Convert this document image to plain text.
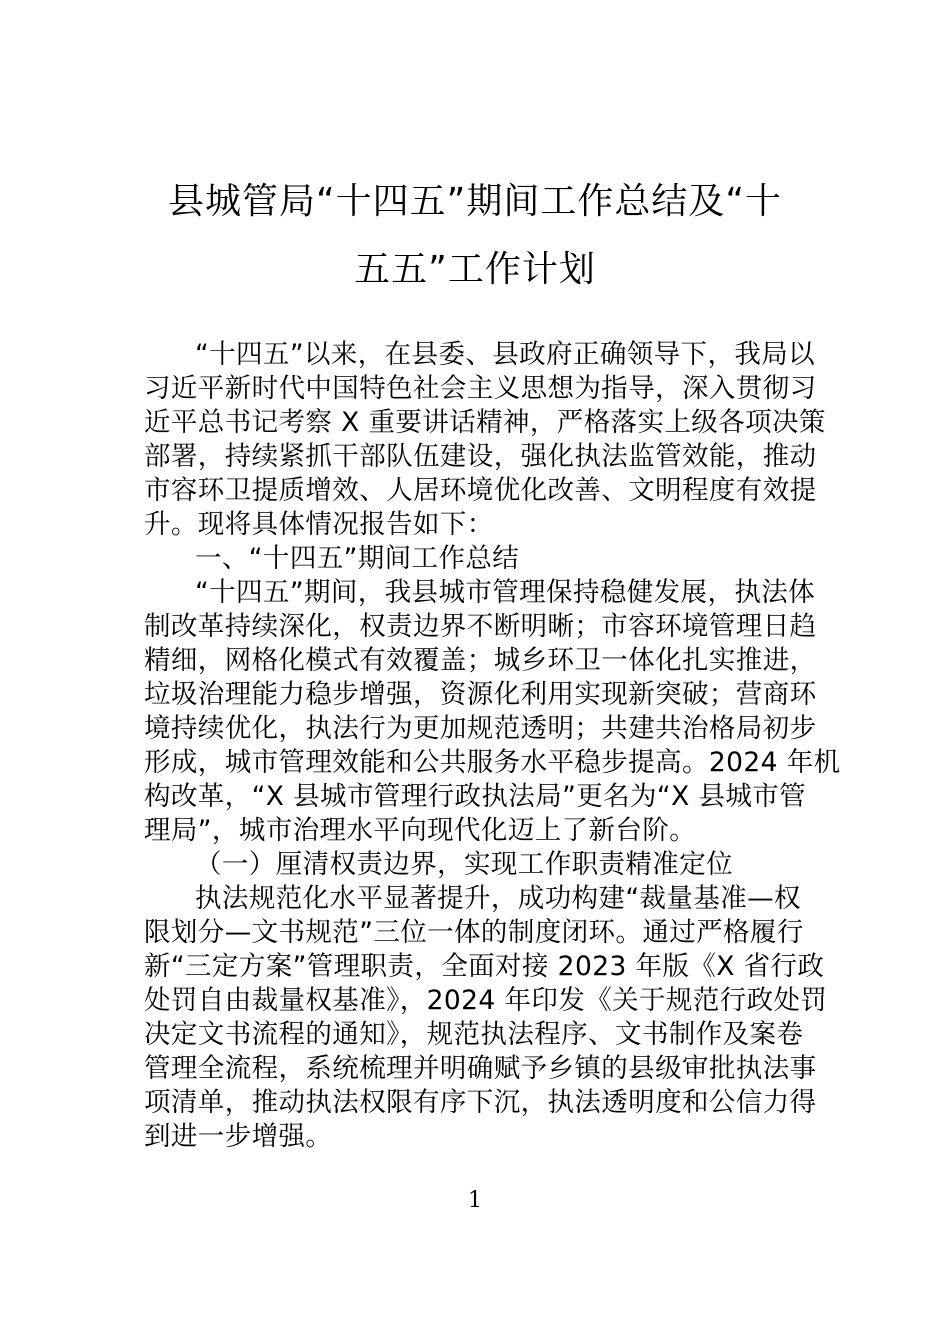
县城管局“十四五”期间工作总结及“十
五五”工作计划
“十四五”以来，在县委、县政府正确领导下，我局以
习近平新时代中国特色社会主义思想为指导，深入贯彻习
近平总书记考察 X 重要讲话精神，严格落实上级各项决策
部署，持续紧抓干部队伍建设，强化执法监管效能，推动
市容环卫提质增效、人居环境优化改善、文明程度有效提
升。现将具体情况报告如下：
一、“十四五”期间工作总结
“十四五”期间，我县城市管理保持稳健发展，执法体
制改革持续深化，权责边界不断明晰；市容环境管理日趋
精细，网格化模式有效覆盖；城乡环卫一体化扎实推进，
垃圾治理能力稳步增强，资源化利用实现新突破；营商环
境持续优化，执法行为更加规范透明；共建共治格局初步
形成，城市管理效能和公共服务水平稳步提高。2024 年机
构改革，“X 县城市管理行政执法局”更名为“X 县城市管
理局”，城市治理水平向现代化迈上了新台阶。
（一）厘清权责边界，实现工作职责精准定位
执法规范化水平显著提升，成功构建“裁量基准—权
限划分—文书规范”三位一体的制度闭环。通过严格履行
新“三定方案”管理职责，全面对接 2023 年版《X 省行政
处罚自由裁量权基准》，2024 年印发《关于规范行政处罚
决定文书流程的通知》，规范执法程序、文书制作及案卷
管理全流程，系统梳理并明确赋予乡镇的县级审批执法事
项清单，推动执法权限有序下沉，执法透明度和公信力得
到进一步增强。
1
